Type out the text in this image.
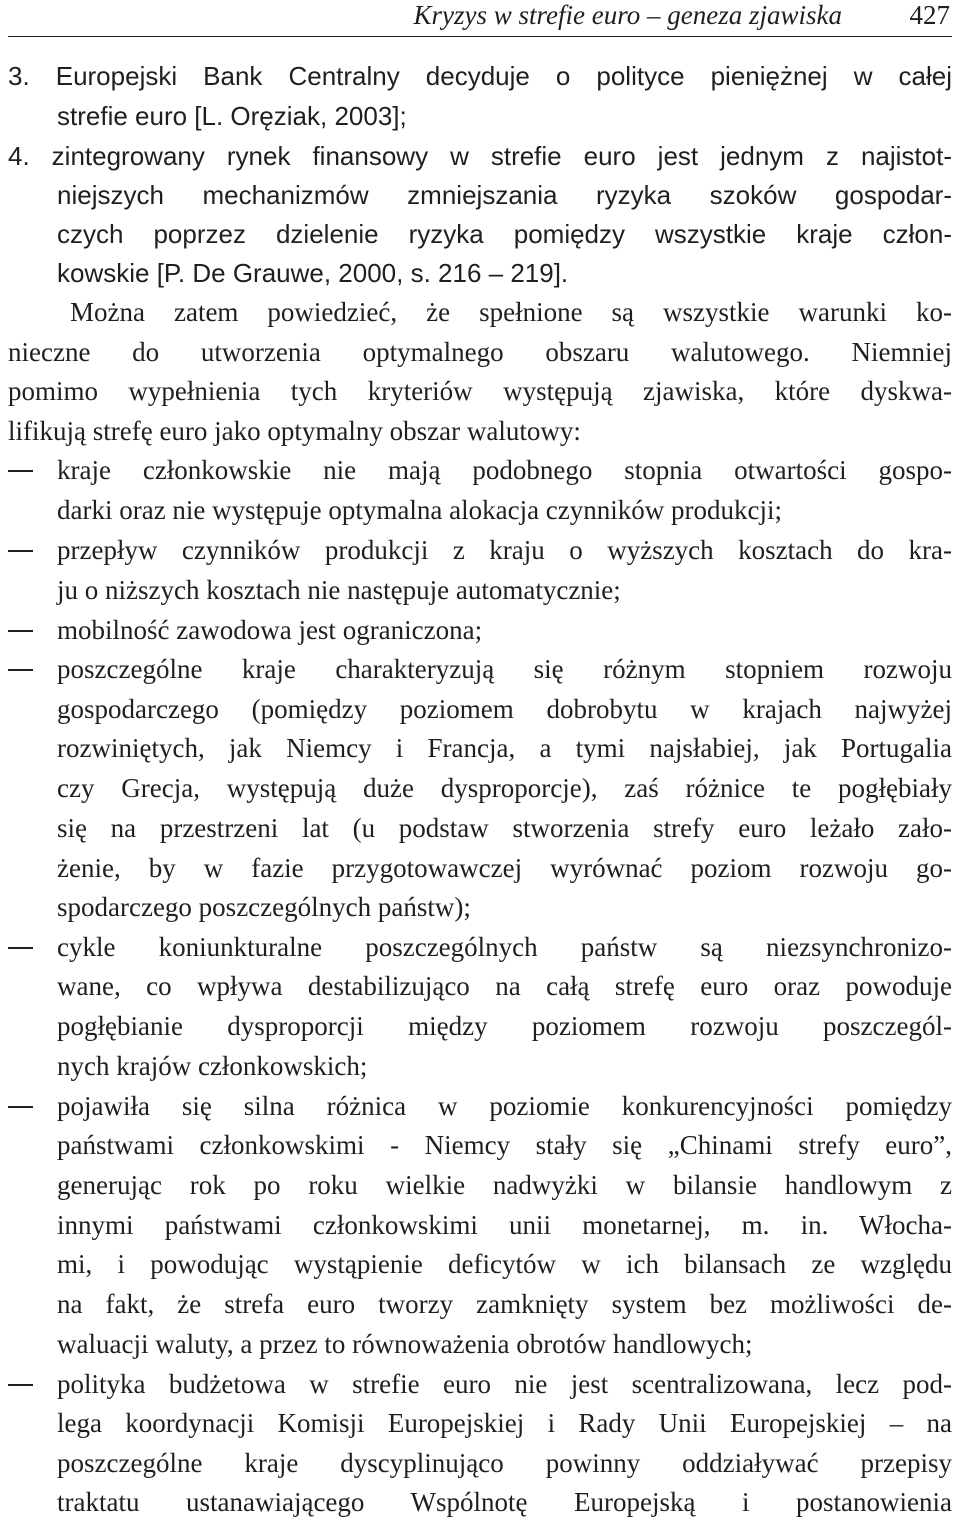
Kryzys w strefie euro – geneza zjawiska	427
3. Europejski Bank Centralny decyduje o polityce pieniężnej w całej
strefie euro [L. Oręziak, 2003];
4. zintegrowany rynek finansowy w strefie euro jest jednym z najistot-
niejszych mechanizmów zmniejszania ryzyka szoków gospodar-
czych poprzez dzielenie ryzyka pomiędzy wszystkie kraje człon-
kowskie [P. De Grauwe, 2000, s. 216 – 219].
Można zatem powiedzieć, że spełnione są wszystkie warunki ko-
nieczne do utworzenia optymalnego obszaru walutowego. Niemniej
pomimo wypełnienia tych kryteriów występują zjawiska, które dyskwa-
lifikują strefę euro jako optymalny obszar walutowy:
kraje członkowskie nie mają podobnego stopnia otwartości gospo-
darki oraz nie występuje optymalna alokacja czynników produkcji;
przepływ czynników produkcji z kraju o wyższych kosztach do kra-
ju o niższych kosztach nie następuje automatycznie;
mobilność zawodowa jest ograniczona;
poszczególne kraje charakteryzują się różnym stopniem rozwoju
gospodarczego (pomiędzy poziomem dobrobytu w krajach najwyżej
rozwiniętych, jak Niemcy i Francja, a tymi najsłabiej, jak Portugalia
czy Grecja, występują duże dysproporcje), zaś różnice te pogłębiały
się na przestrzeni lat (u podstaw stworzenia strefy euro leżało zało-
żenie, by w fazie przygotowawczej wyrównać poziom rozwoju go-
spodarczego poszczególnych państw);
cykle koniunkturalne poszczególnych państw są niezsynchronizo-
wane, co wpływa destabilizująco na całą strefę euro oraz powoduje
pogłębianie dysproporcji między poziomem rozwoju poszczegól-
nych krajów członkowskich;
pojawiła się silna różnica w poziomie konkurencyjności pomiędzy
państwami członkowskimi - Niemcy stały się „Chinami strefy euro”,
generując rok po roku wielkie nadwyżki w bilansie handlowym z
innymi państwami członkowskimi unii monetarnej, m. in. Włocha-
mi, i powodując wystąpienie deficytów w ich bilansach ze względu
na fakt, że strefa euro tworzy zamknięty system bez możliwości de-
waluacji waluty, a przez to równoważenia obrotów handlowych;
polityka budżetowa w strefie euro nie jest scentralizowana, lecz pod-
lega koordynacji Komisji Europejskiej i Rady Unii Europejskiej – na
poszczególne kraje dyscyplinująco powinny oddziaływać przepisy
traktatu ustanawiającego Wspólnotę Europejską i postanowienia
